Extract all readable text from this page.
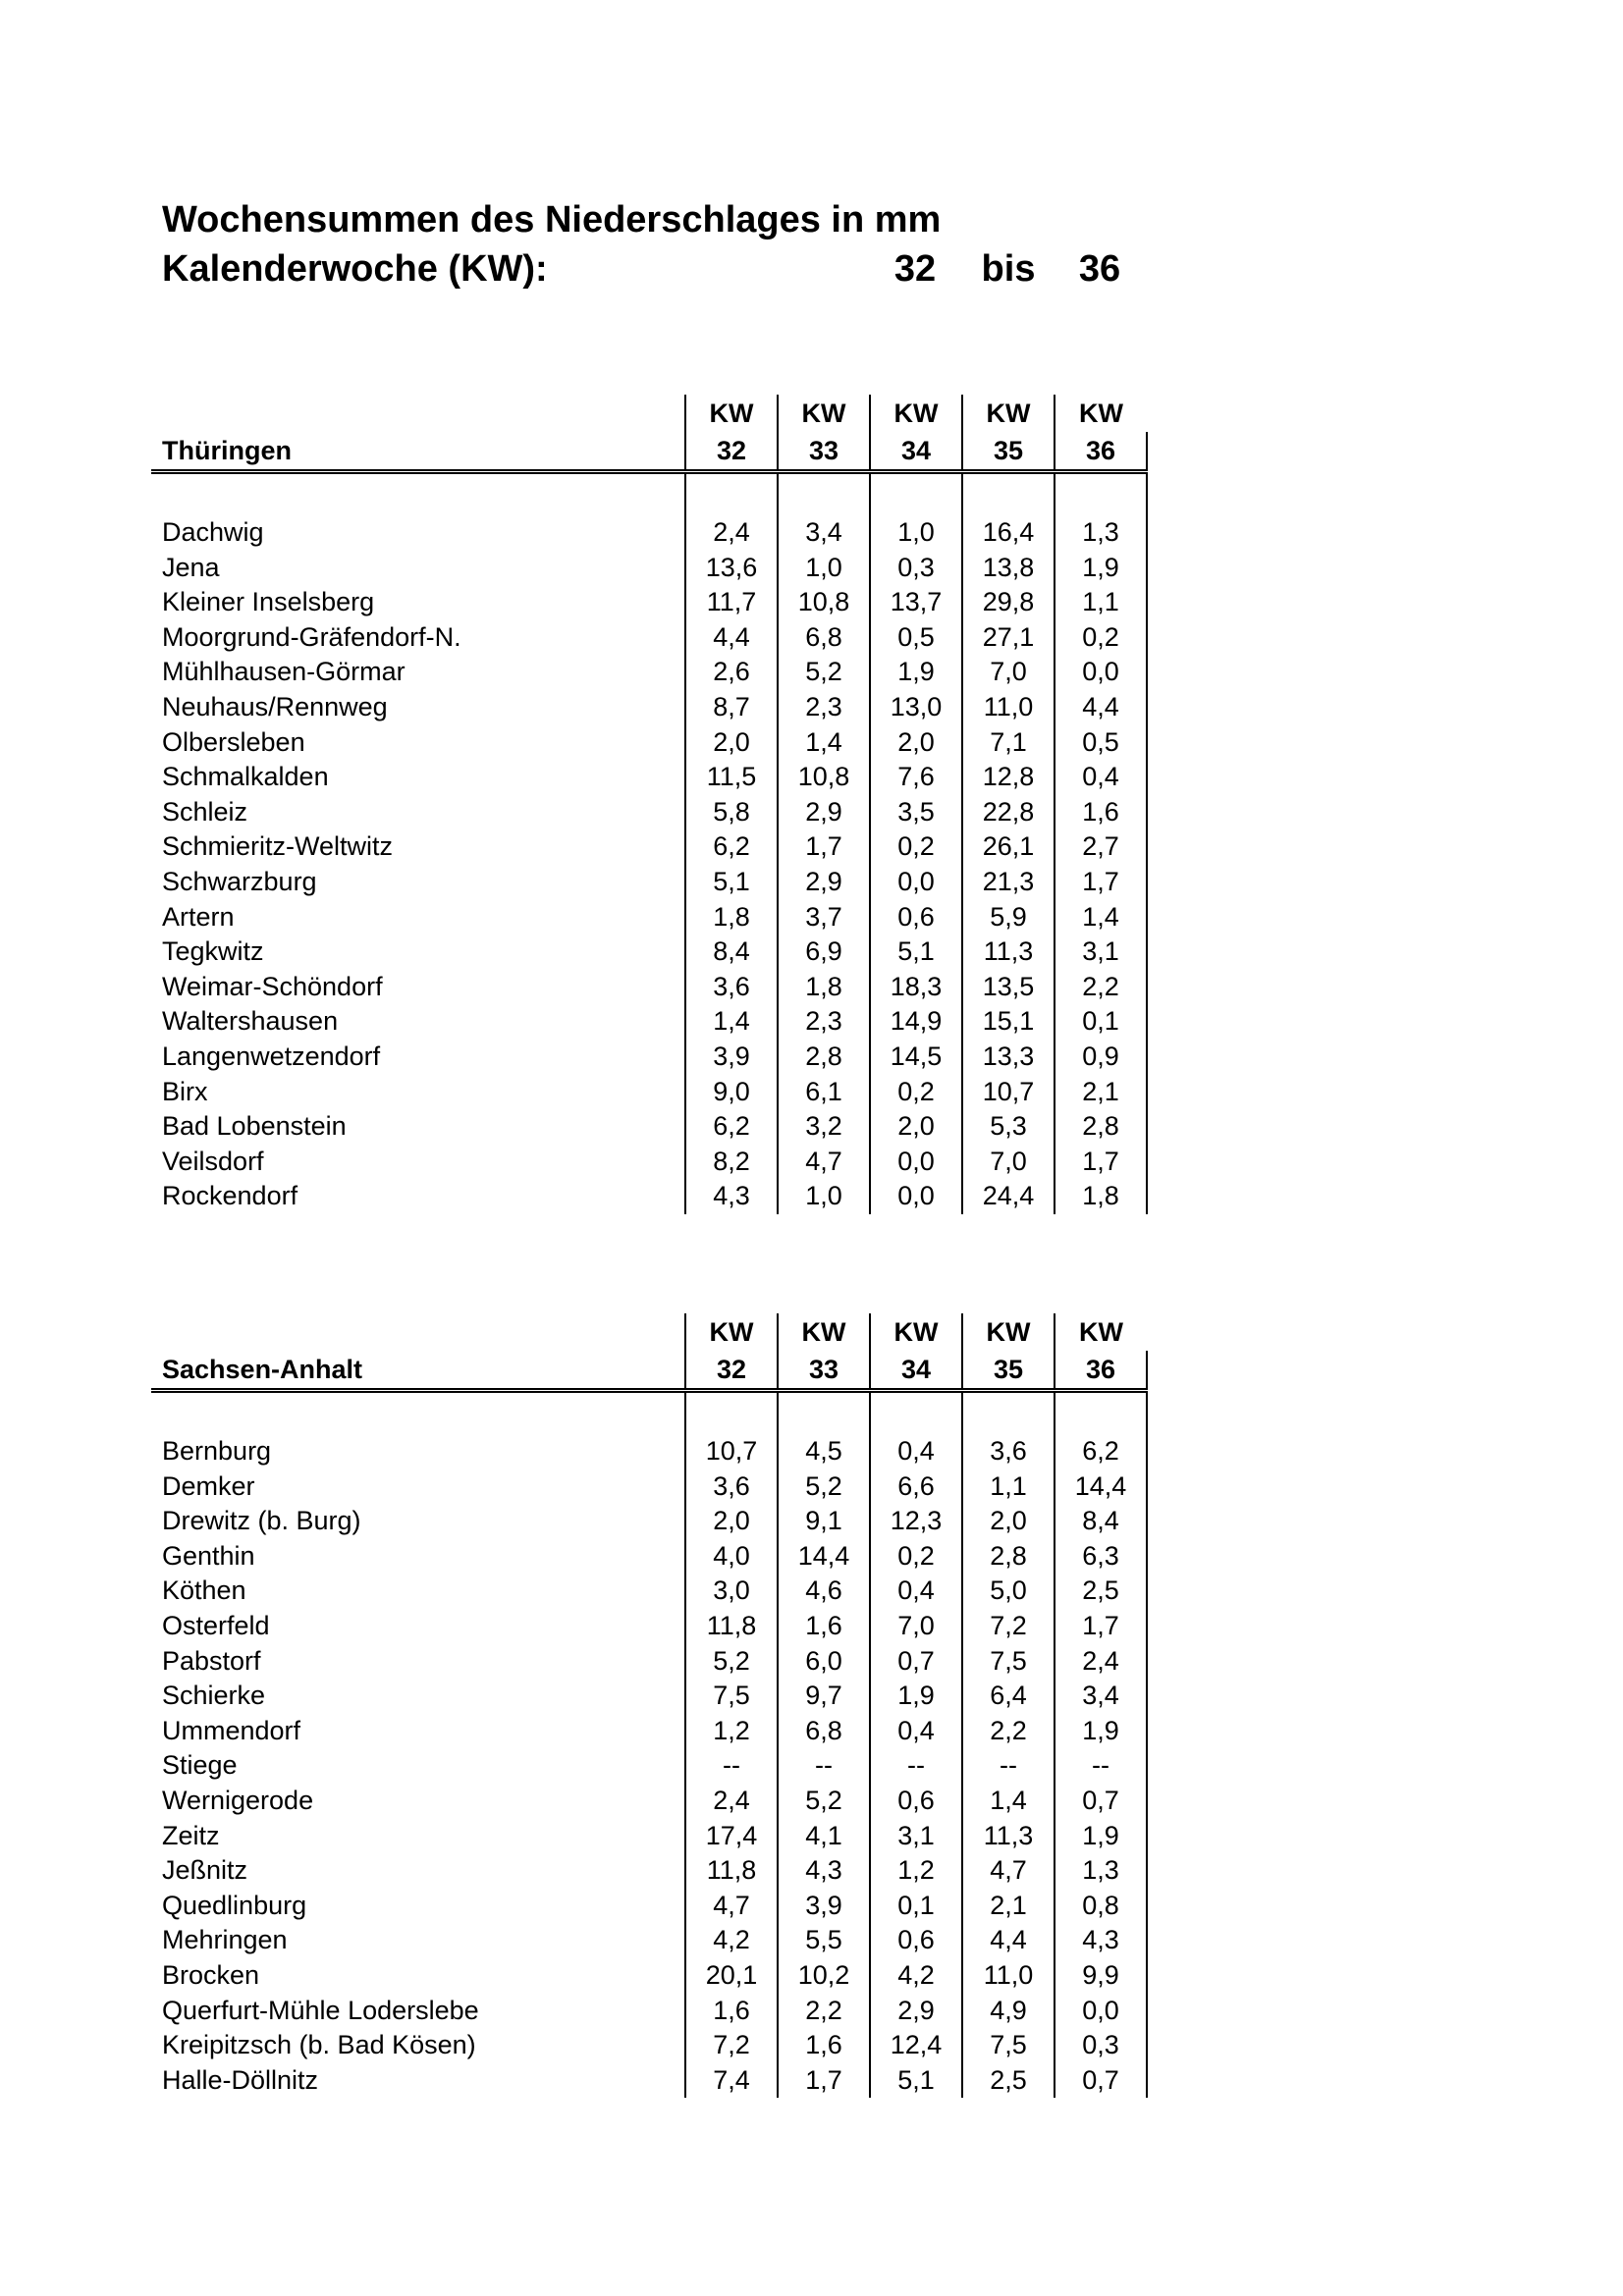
Wochensummen des Niederschlages in mm
Kalenderwoche (KW):	32 bis 36
	KW	KW	KW	KW	KW
Thüringen	32	33	34	35	36

Dachwig	2,4	3,4	1,0	16,4	1,3
Jena	13,6	1,0	0,3	13,8	1,9
Kleiner Inselsberg	11,7	10,8	13,7	29,8	1,1
Moorgrund-Gräfendorf-N.	4,4	6,8	0,5	27,1	0,2
Mühlhausen-Görmar	2,6	5,2	1,9	7,0	0,0
Neuhaus/Rennweg	8,7	2,3	13,0	11,0	4,4
Olbersleben	2,0	1,4	2,0	7,1	0,5
Schmalkalden	11,5	10,8	7,6	12,8	0,4
Schleiz	5,8	2,9	3,5	22,8	1,6
Schmieritz-Weltwitz	6,2	1,7	0,2	26,1	2,7
Schwarzburg	5,1	2,9	0,0	21,3	1,7
Artern	1,8	3,7	0,6	5,9	1,4
Tegkwitz	8,4	6,9	5,1	11,3	3,1
Weimar-Schöndorf	3,6	1,8	18,3	13,5	2,2
Waltershausen	1,4	2,3	14,9	15,1	0,1
Langenwetzendorf	3,9	2,8	14,5	13,3	0,9
Birx	9,0	6,1	0,2	10,7	2,1
Bad Lobenstein	6,2	3,2	2,0	5,3	2,8
Veilsdorf	8,2	4,7	0,0	7,0	1,7
Rockendorf	4,3	1,0	0,0	24,4	1,8
	KW	KW	KW	KW	KW
Sachsen-Anhalt	32	33	34	35	36

Bernburg	10,7	4,5	0,4	3,6	6,2
Demker	3,6	5,2	6,6	1,1	14,4
Drewitz (b. Burg)	2,0	9,1	12,3	2,0	8,4
Genthin	4,0	14,4	0,2	2,8	6,3
Köthen	3,0	4,6	0,4	5,0	2,5
Osterfeld	11,8	1,6	7,0	7,2	1,7
Pabstorf	5,2	6,0	0,7	7,5	2,4
Schierke	7,5	9,7	1,9	6,4	3,4
Ummendorf	1,2	6,8	0,4	2,2	1,9
Stiege	--	--	--	--	--
Wernigerode	2,4	5,2	0,6	1,4	0,7
Zeitz	17,4	4,1	3,1	11,3	1,9
Jeßnitz	11,8	4,3	1,2	4,7	1,3
Quedlinburg	4,7	3,9	0,1	2,1	0,8
Mehringen	4,2	5,5	0,6	4,4	4,3
Brocken	20,1	10,2	4,2	11,0	9,9
Querfurt-Mühle Loderslebe	1,6	2,2	2,9	4,9	0,0
Kreipitzsch (b. Bad Kösen)	7,2	1,6	12,4	7,5	0,3
Halle-Döllnitz	7,4	1,7	5,1	2,5	0,7
